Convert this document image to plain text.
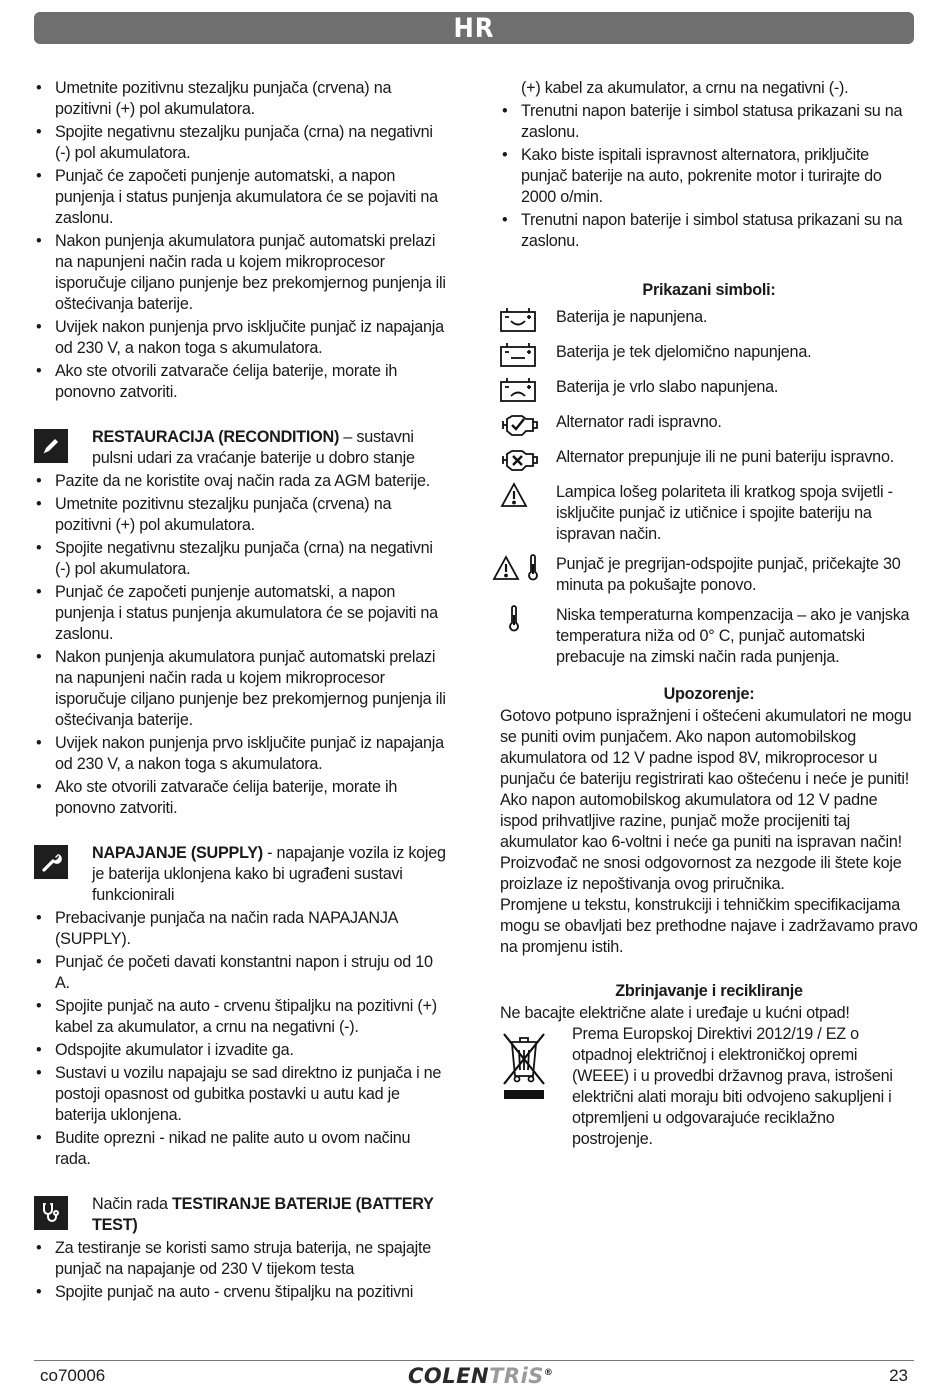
HR
• Umetnite pozitivnu stezaljku punjača (crvena) na pozitivni (+) pol akumulatora.
• Spojite negativnu stezaljku punjača (crna) na negativni (-) pol akumulatora.
• Punjač će započeti punjenje automatski, a napon punjenja i status punjenja akumulatora će se pojaviti na zaslonu.
• Nakon punjenja akumulatora punjač automatski prelazi na napunjeni način rada u kojem mikroprocesor isporučuje ciljano punjenje bez prekomjernog punjenja ili oštećivanja baterije.
• Uvijek nakon punjenja prvo isključite punjač iz napajanja od 230 V, a nakon toga s akumulatora.
• Ako ste otvorili zatvarače ćelija baterije, morate ih ponovno zatvoriti.
RESTAURACIJA (RECONDITION) – sustavni pulsni udari za vraćanje baterije u dobro stanje
• Pazite da ne koristite ovaj način rada za AGM baterije.
• Umetnite pozitivnu stezaljku punjača (crvena) na pozitivni (+) pol akumulatora.
• Spojite negativnu stezaljku punjača (crna) na negativni (-) pol akumulatora.
• Punjač će započeti punjenje automatski, a napon punjenja i status punjenja akumulatora će se pojaviti na zaslonu.
• Nakon punjenja akumulatora punjač automatski prelazi na napunjeni način rada u kojem mikroprocesor isporučuje ciljano punjenje bez prekomjernog punjenja ili oštećivanja baterije.
• Uvijek nakon punjenja prvo isključite punjač iz napajanja od 230 V, a nakon toga s akumulatora.
• Ako ste otvorili zatvarače ćelija baterije, morate ih ponovno zatvoriti.
NAPAJANJE (SUPPLY) - napajanje vozila iz kojeg je baterija uklonjena kako bi ugrađeni sustavi funkcionirali
• Prebacivanje punjača na način rada NAPAJANJA (SUPPLY).
• Punjač će početi davati konstantni napon i struju od 10 A.
• Spojite punjač na auto - crvenu štipaljku na pozitivni (+) kabel za akumulator, a crnu na negativni (-).
• Odspojite akumulator i izvadite ga.
• Sustavi u vozilu napajaju se sad direktno iz punjača i ne postoji opasnost od gubitka postavki u autu kad je baterija uklonjena.
• Budite oprezni - nikad ne palite auto u ovom načinu rada.
Način rada TESTIRANJE BATERIJE (BATTERY TEST)
• Za testiranje se koristi samo struja baterija, ne spajajte punjač na napajanje od 230 V tijekom testa
• Spojite punjač na auto - crvenu štipaljku na pozitivni
(+) kabel za akumulator, a crnu na negativni (-).
• Trenutni napon baterije i simbol statusa prikazani su na zaslonu.
• Kako biste ispitali ispravnost alternatora, priključite punjač baterije na auto, pokrenite motor i turirajte do 2000 o/min.
• Trenutni napon baterije i simbol statusa prikazani su na zaslonu.
Prikazani simboli:
Baterija je napunjena.
Baterija je tek djelomično napunjena.
Baterija je vrlo slabo napunjena.
Alternator radi ispravno.
Alternator prepunjuje ili ne puni bateriju ispravno.
Lampica lošeg polariteta ili kratkog spoja svijetli - isključite punjač iz utičnice i spojite bateriju na ispravan način.
Punjač je pregrijan-odspojite punjač, pričekajte 30 minuta pa pokušajte ponovo.
Niska temperaturna kompenzacija – ako je vanjska temperatura niža od 0° C, punjač automatski prebacuje na zimski način rada punjenja.
Upozorenje:

Gotovo potpuno ispražnjeni i oštećeni akumulatori ne mogu se puniti ovim punjačem. Ako napon automobilskog akumulatora od 12 V padne ispod 8V, mikroprocesor u punjaču će bateriju registrirati kao oštećenu i neće je puniti!

Ako napon automobilskog akumulatora od 12 V padne ispod prihvatljive razine, punjač može procijeniti taj akumulator kao 6-voltni i neće ga puniti na ispravan način!

Proizvođač ne snosi odgovornost za nezgode ili štete koje proizlaze iz nepoštivanja ovog priručnika.

Promjene u tekstu, konstrukciji i tehničkim specifikacijama mogu se obavljati bez prethodne najave i zadržavamo pravo na promjenu istih.

Zbrinjavanje i recikliranje
Ne bacajte električne alate i uređaje u kućni otpad!
Prema Europskoj Direktivi 2012/19 / EZ o otpadnoj električnoj i elektroničkoj opremi (WEEE) i u provedbi državnog prava, istrošeni električni alati moraju biti odvojeno sakupljeni i otpremljeni u odgovarajuće reciklažno postrojenje.
co70006	COLENTRiS®	23
